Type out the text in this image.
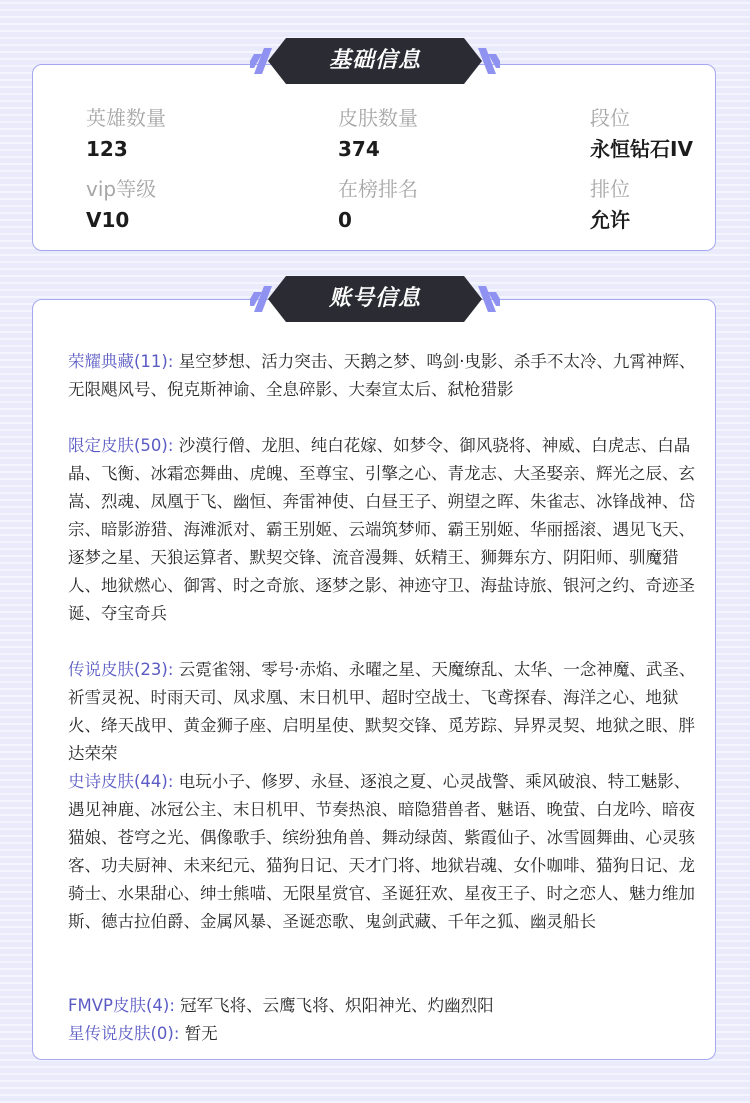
基础信息
英雄数量
123
皮肤数量
374
段位
永恒钻石IV
vip等级
V10
在榜排名
0
排位
允许
账号信息
荣耀典藏(11): 星空梦想、活力突击、天鹅之梦、鸣剑·曳影、杀手不太冷、九霄神辉、无限飓风号、倪克斯神谕、全息碎影、大秦宣太后、弑枪猎影
限定皮肤(50): 沙漠行僧、龙胆、纯白花嫁、如梦令、御风骁将、神威、白虎志、白晶晶、飞衡、冰霜恋舞曲、虎魄、至尊宝、引擎之心、青龙志、大圣娶亲、辉光之辰、玄嵩、烈魂、凤凰于飞、幽恒、奔雷神使、白昼王子、朔望之晖、朱雀志、冰锋战神、岱宗、暗影游猎、海滩派对、霸王别姬、云端筑梦师、霸王别姬、华丽摇滚、遇见飞天、逐梦之星、天狼运算者、默契交锋、流音漫舞、妖精王、狮舞东方、阴阳师、驯魔猎人、地狱燃心、御霄、时之奇旅、逐梦之影、神迹守卫、海盐诗旅、银河之约、奇迹圣诞、夺宝奇兵
传说皮肤(23): 云霓雀翎、零号·赤焰、永曜之星、天魔缭乱、太华、一念神魔、武圣、祈雪灵祝、时雨天司、凤求凰、末日机甲、超时空战士、飞鸢探春、海洋之心、地狱火、绛天战甲、黄金狮子座、启明星使、默契交锋、觅芳踪、异界灵契、地狱之眼、胖达荣荣
史诗皮肤(44): 电玩小子、修罗、永昼、逐浪之夏、心灵战警、乘风破浪、特工魅影、遇见神鹿、冰冠公主、末日机甲、节奏热浪、暗隐猎兽者、魅语、晚萤、白龙吟、暗夜猫娘、苍穹之光、偶像歌手、缤纷独角兽、舞动绿茵、紫霞仙子、冰雪圆舞曲、心灵骇客、功夫厨神、未来纪元、猫狗日记、天才门将、地狱岩魂、女仆咖啡、猫狗日记、龙骑士、水果甜心、绅士熊喵、无限星赏官、圣诞狂欢、星夜王子、时之恋人、魅力维加斯、德古拉伯爵、金属风暴、圣诞恋歌、鬼剑武藏、千年之狐、幽灵船长
FMVP皮肤(4): 冠军飞将、云鹰飞将、炽阳神光、灼幽烈阳
星传说皮肤(0): 暂无
